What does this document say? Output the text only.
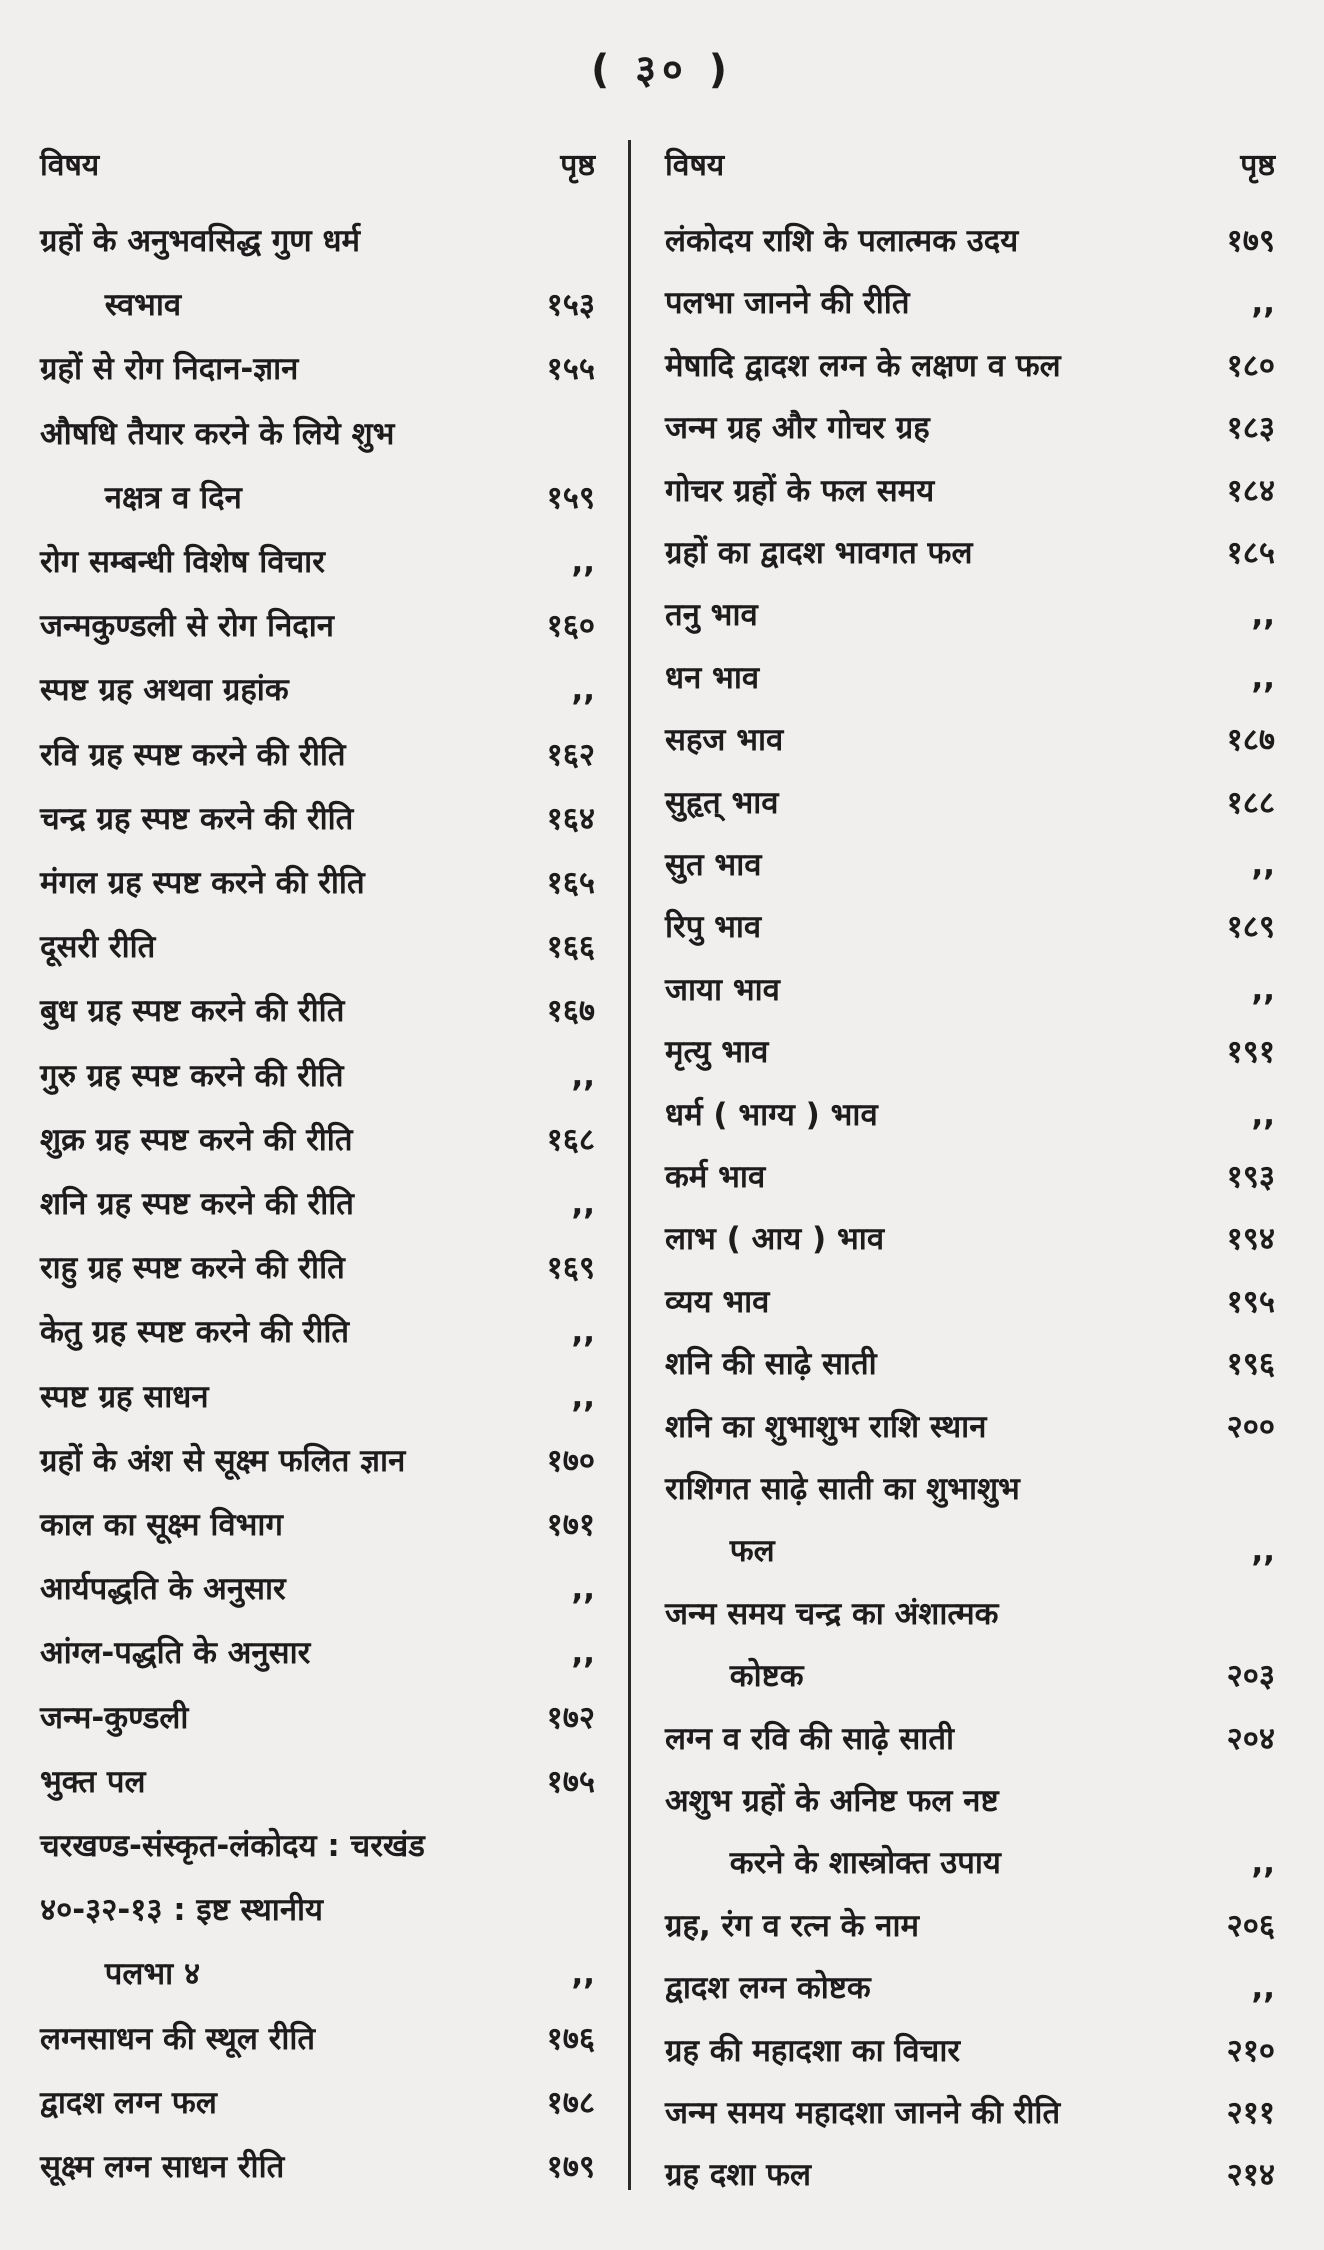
( ३० )
विषय	पृष्ठ
ग्रहों के अनुभवसिद्ध गुण धर्म
स्वभाव	१५३
ग्रहों से रोग निदान-ज्ञान	१५५
औषधि तैयार करने के लिये शुभ
नक्षत्र व दिन	१५९
रोग सम्बन्धी विशेष विचार	,,
जन्मकुण्डली से रोग निदान	१६०
स्पष्ट ग्रह अथवा ग्रहांक	,,
रवि ग्रह स्पष्ट करने की रीति	१६२
चन्द्र ग्रह स्पष्ट करने की रीति	१६४
मंगल ग्रह स्पष्ट करने की रीति	१६५
दूसरी रीति	१६६
बुध ग्रह स्पष्ट करने की रीति	१६७
गुरु ग्रह स्पष्ट करने की रीति	,,
शुक्र ग्रह स्पष्ट करने की रीति	१६८
शनि ग्रह स्पष्ट करने की रीति	,,
राहु ग्रह स्पष्ट करने की रीति	१६९
केतु ग्रह स्पष्ट करने की रीति	,,
स्पष्ट ग्रह साधन	,,
ग्रहों के अंश से सूक्ष्म फलित ज्ञान	१७०
काल का सूक्ष्म विभाग	१७१
आर्यपद्धति के अनुसार	,,
आंग्ल-पद्धति के अनुसार	,,
जन्म-कुण्डली	१७२
भुक्त पल	१७५
चरखण्ड-संस्कृत-लंकोदय : चरखंड
४०-३२-१३ : इष्ट स्थानीय
पलभा ४	,,
लग्नसाधन की स्थूल रीति	१७६
द्वादश लग्न फल	१७८
सूक्ष्म लग्न साधन रीति	१७९
विषय	पृष्ठ
लंकोदय राशि के पलात्मक उदय	१७९
पलभा जानने की रीति	,,
मेषादि द्वादश लग्न के लक्षण व फल	१८०
जन्म ग्रह और गोचर ग्रह	१८३
गोचर ग्रहों के फल समय	१८४
ग्रहों का द्वादश भावगत फल	१८५
तनु भाव	,,
धन भाव	,,
सहज भाव	१८७
सुहृत् भाव	१८८
सुत भाव	,,
रिपु भाव	१८९
जाया भाव	,,
मृत्यु भाव	१९१
धर्म ( भाग्य ) भाव	,,
कर्म भाव	१९३
लाभ ( आय ) भाव	१९४
व्यय भाव	१९५
शनि की साढ़े साती	१९६
शनि का शुभाशुभ राशि स्थान	२००
राशिगत साढ़े साती का शुभाशुभ
फल	,,
जन्म समय चन्द्र का अंशात्मक
कोष्टक	२०३
लग्न व रवि की साढ़े साती	२०४
अशुभ ग्रहों के अनिष्ट फल नष्ट
करने के शास्त्रोक्त उपाय	,,
ग्रह, रंग व रत्न के नाम	२०६
द्वादश लग्न कोष्टक	,,
ग्रह की महादशा का विचार	२१०
जन्म समय महादशा जानने की रीति	२११
ग्रह दशा फल	२१४
